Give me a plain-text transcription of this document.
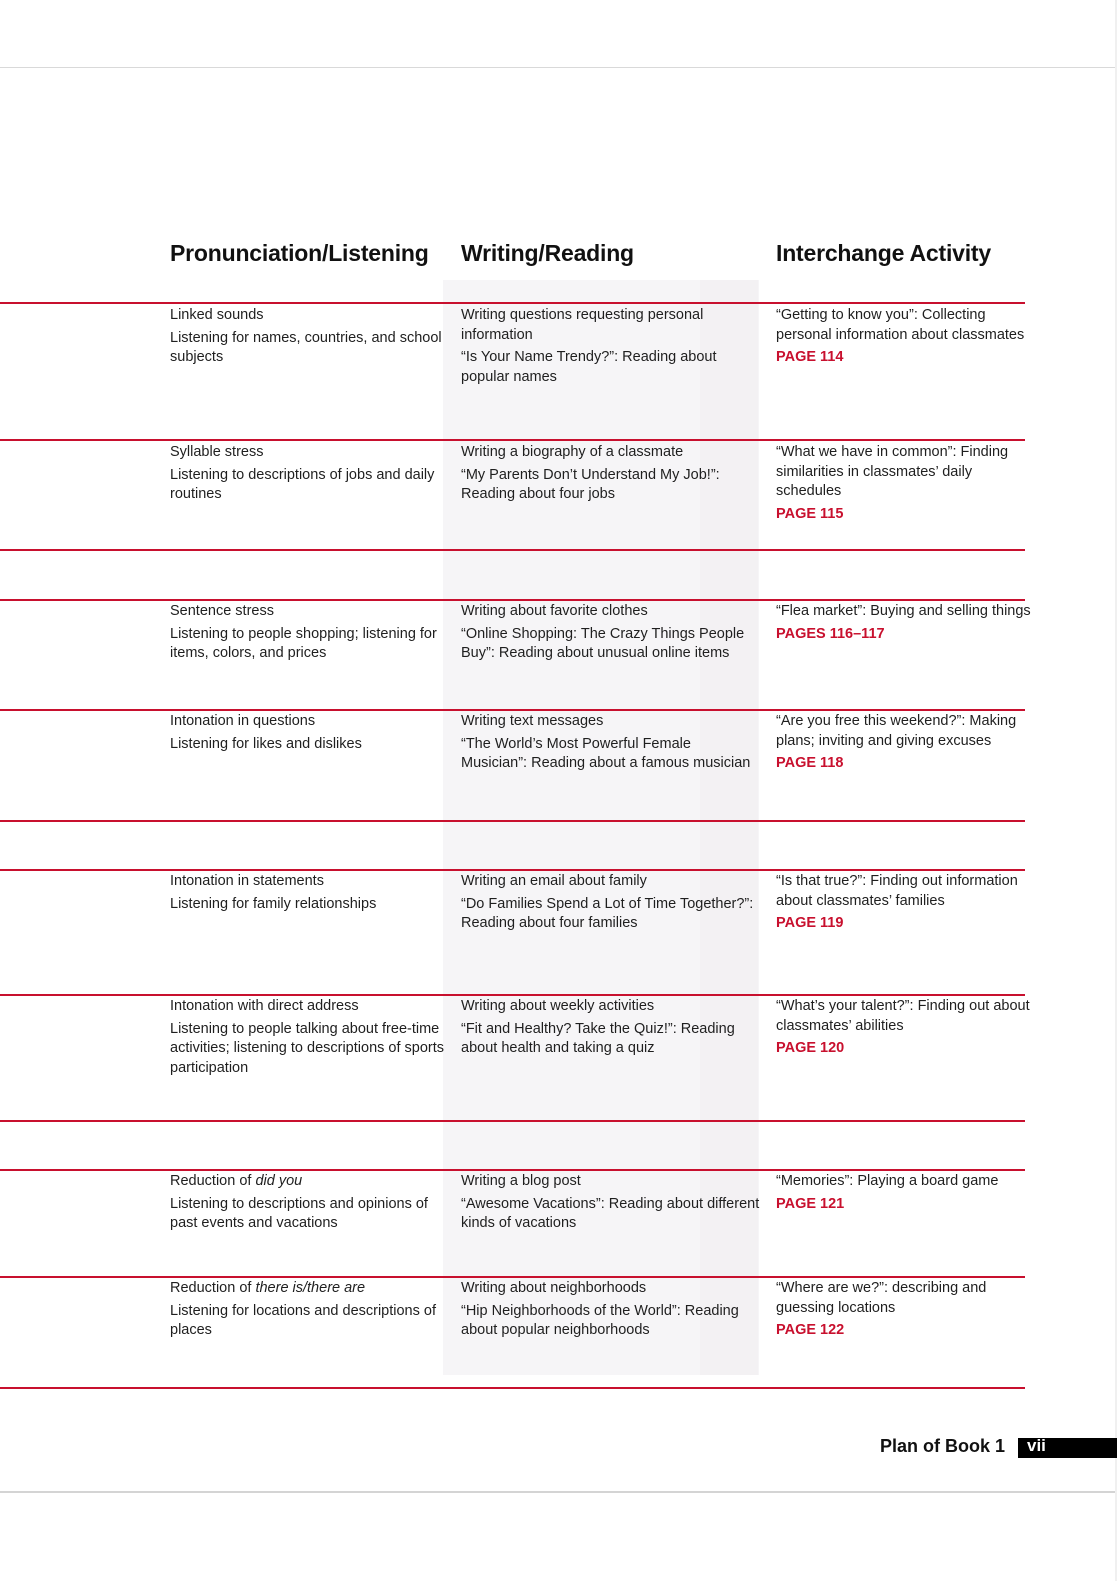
Pronunciation/Listening Writing/Reading	Interchange Activity

Linked sounds

Listening for names, countries, and school subjects

Writing questions requesting personal information

“Is Your Name Trendy?”: Reading about popular names

“Getting to know you”: Collecting personal information about classmates

PAGE 114

Syllable stress

Listening to descriptions of jobs and daily routines

Writing a biography of a classmate

“My Parents Don’t Understand My Job!”: Reading about four jobs

“What we have in common”: Finding similarities in classmates’ daily schedules

PAGE 115

Sentence stress

Listening to people shopping; listening for items, colors, and prices

Writing about favorite clothes

“Online Shopping: The Crazy Things People Buy”: Reading about unusual online items

“Flea market”: Buying and selling things

PAGES 116–117

Intonation in questions

Listening for likes and dislikes

Writing text messages

“The World’s Most Powerful Female Musician”: Reading about a famous musician

“Are you free this weekend?”: Making plans; inviting and giving excuses

PAGE 118

Intonation in statements

Listening for family relationships

Writing an email about family

“Do Families Spend a Lot of Time Together?”: Reading about four families

“Is that true?”: Finding out information about classmates’ families

PAGE 119

Intonation with direct address

Listening to people talking about free-time activities; listening to descriptions of sports participation

Writing about weekly activities

“Fit and Healthy? Take the Quiz!”: Reading about health and taking a quiz

“What’s your talent?”: Finding out about classmates’ abilities

PAGE 120

Reduction of did you

Listening to descriptions and opinions of past events and vacations

Writing a blog post

“Awesome Vacations”: Reading about different kinds of vacations

“Memories”: Playing a board game

PAGE 121

Reduction of there is/there are

Listening for locations and descriptions of places

Writing about neighborhoods

“Hip Neighborhoods of the World”: Reading about popular neighborhoods

“Where are we?”: describing and guessing locations

PAGE 122

Plan of Book 1 vii
